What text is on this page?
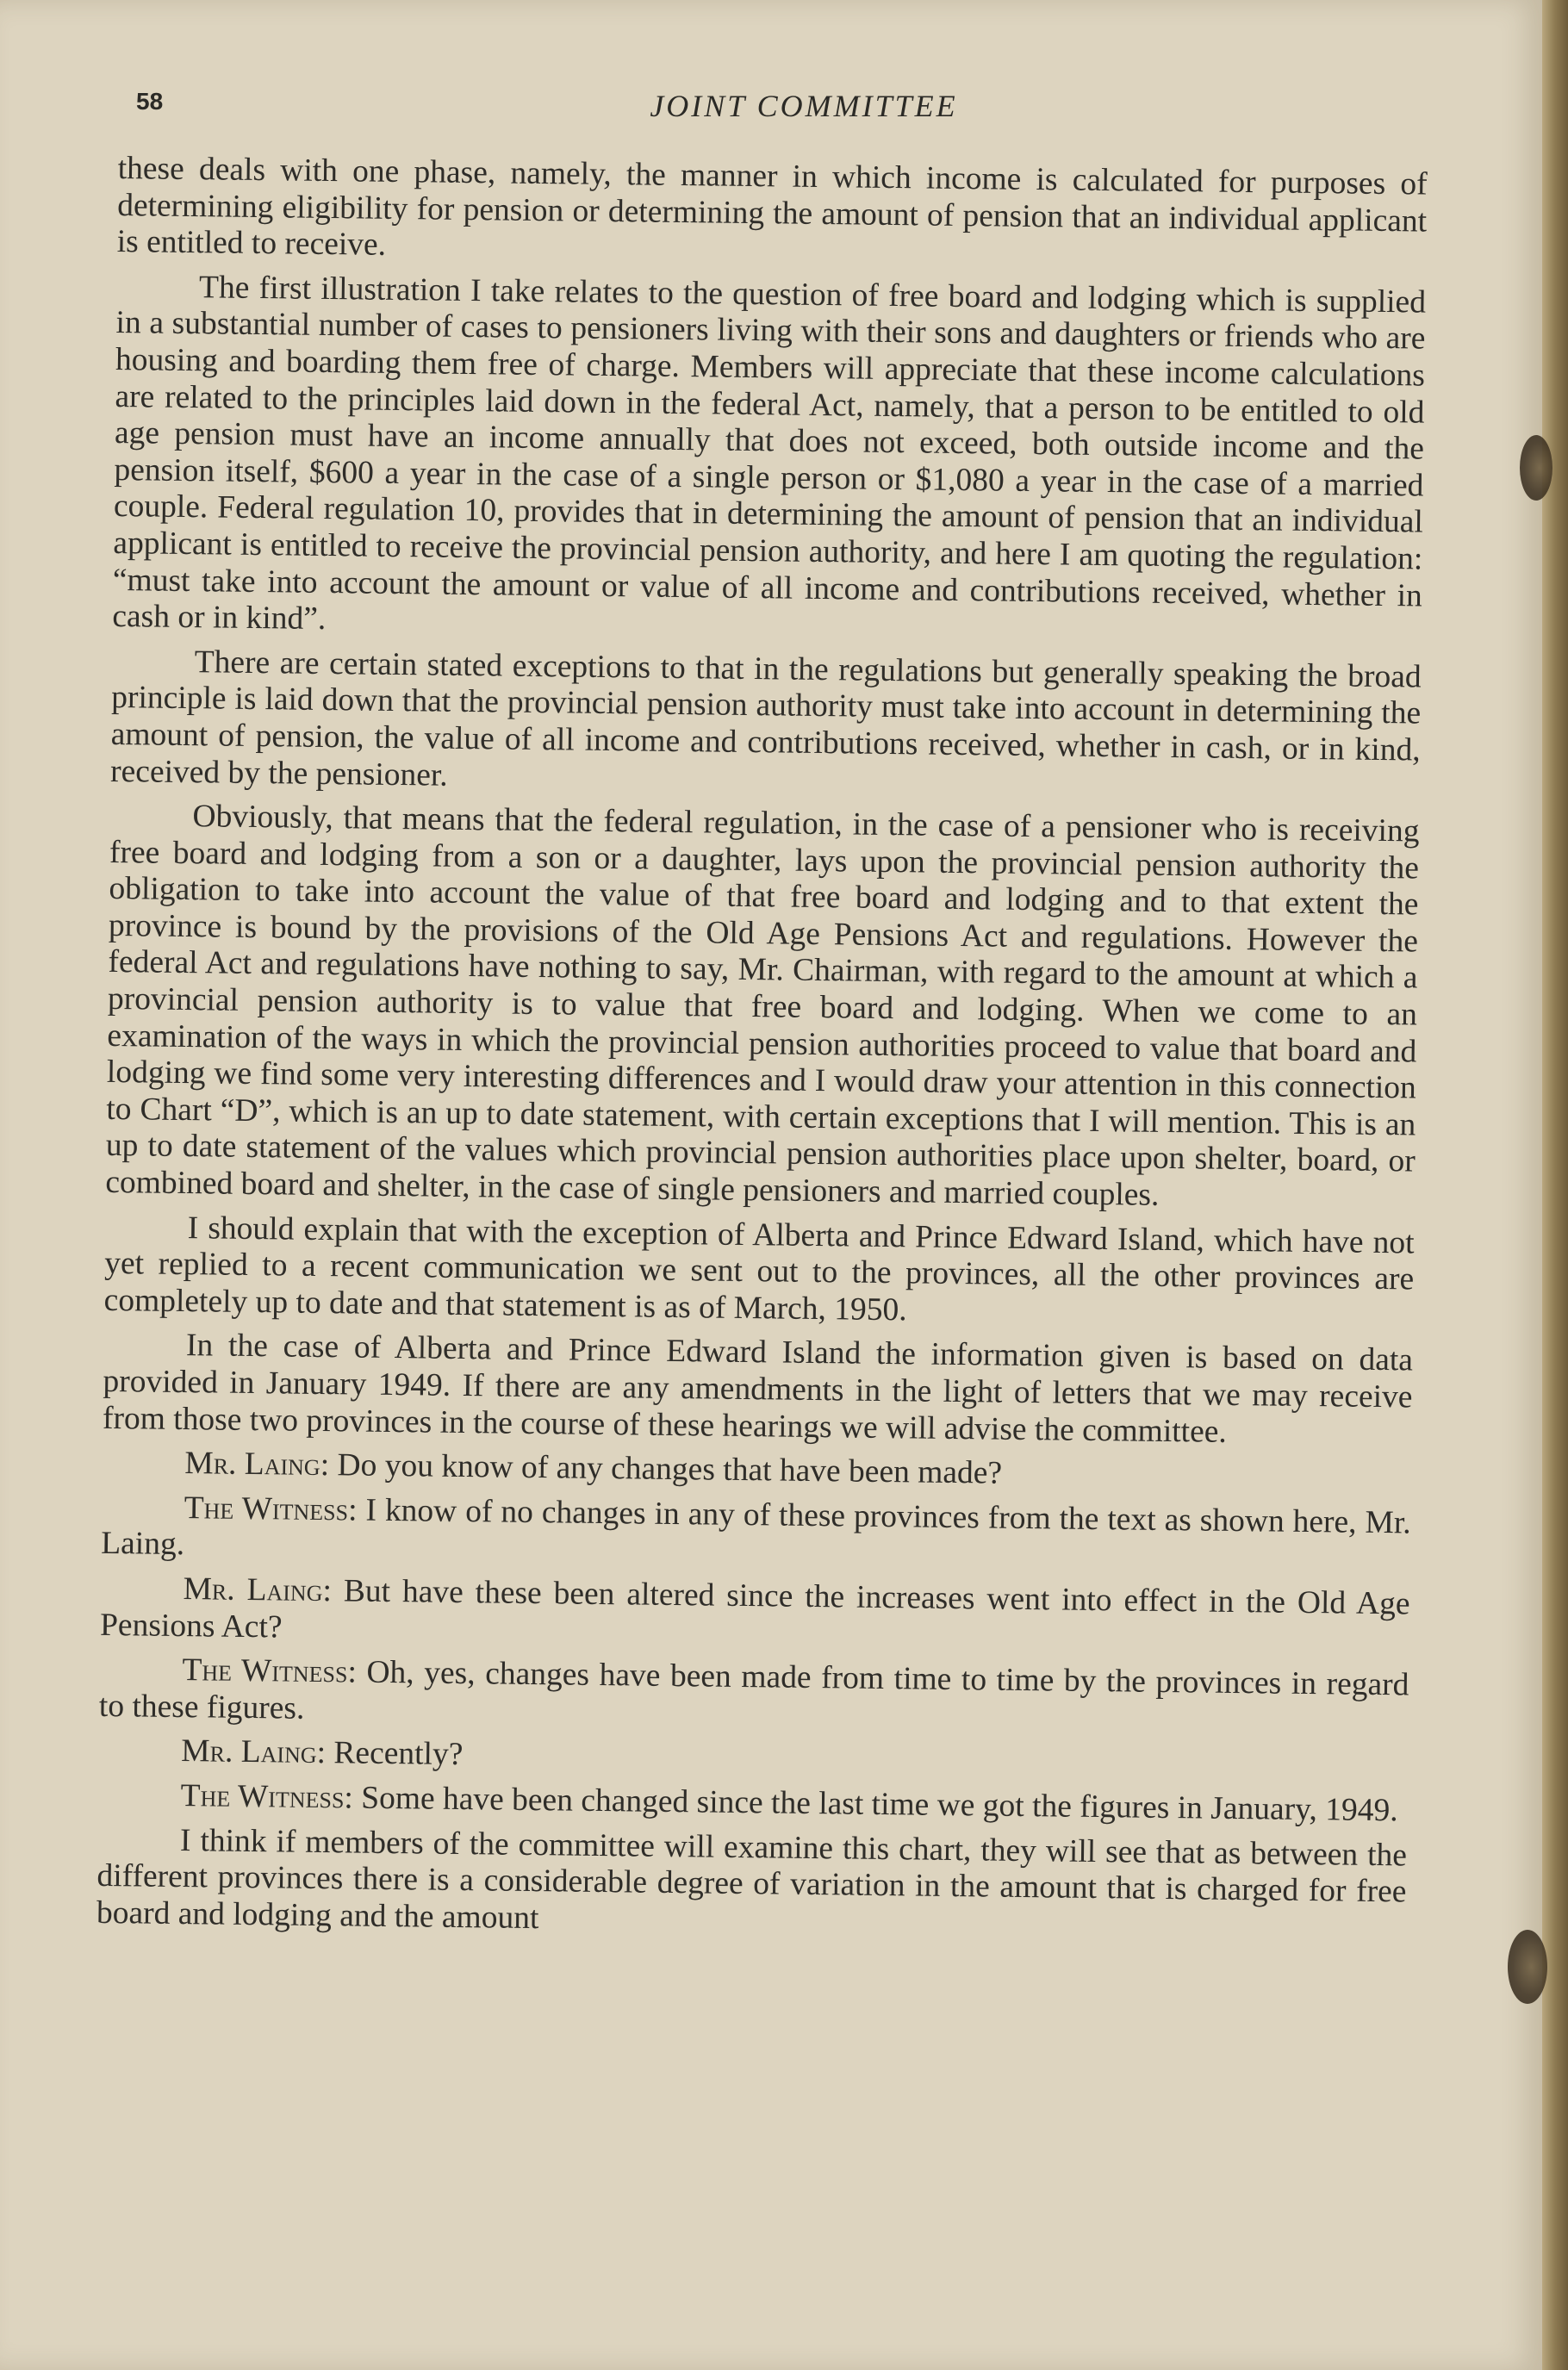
58	JOINT COMMITTEE

these deals with one phase, namely, the manner in which income is calculated for purposes of determining eligibility for pension or determining the amount of pension that an individual applicant is entitled to receive.

The first illustration I take relates to the question of free board and lodging which is supplied in a substantial number of cases to pensioners living with their sons and daughters or friends who are housing and boarding them free of charge. Members will appreciate that these income calculations are related to the principles laid down in the federal Act, namely, that a person to be entitled to old age pension must have an income annually that does not exceed, both outside income and the pension itself, $600 a year in the case of a single person or $1,080 a year in the case of a married couple. Federal regulation 10, provides that in determining the amount of pension that an individual applicant is entitled to receive the provincial pension authority, and here I am quoting the regulation: “must take into account the amount or value of all income and contributions received, whether in cash or in kind”.

There are certain stated exceptions to that in the regulations but generally speaking the broad principle is laid down that the provincial pension authority must take into account in determining the amount of pension, the value of all income and contributions received, whether in cash, or in kind, received by the pensioner.

Obviously, that means that the federal regulation, in the case of a pensioner who is receiving free board and lodging from a son or a daughter, lays upon the provincial pension authority the obligation to take into account the value of that free board and lodging and to that extent the province is bound by the provisions of the Old Age Pensions Act and regulations. However the federal Act and regulations have nothing to say, Mr. Chairman, with regard to the amount at which a provincial pension authority is to value that free board and lodging. When we come to an examination of the ways in which the provincial pension authorities proceed to value that board and lodging we find some very interesting differences and I would draw your attention in this connection to Chart “D”, which is an up to date statement, with certain exceptions that I will mention. This is an up to date statement of the values which provincial pension authorities place upon shelter, board, or combined board and shelter, in the case of single pensioners and married couples.

I should explain that with the exception of Alberta and Prince Edward Island, which have not yet replied to a recent communication we sent out to the provinces, all the other provinces are completely up to date and that statement is as of March, 1950.

In the case of Alberta and Prince Edward Island the information given is based on data provided in January 1949. If there are any amendments in the light of letters that we may receive from those two provinces in the course of these hearings we will advise the committee.

Mr. Laing: Do you know of any changes that have been made?

The Witness: I know of no changes in any of these provinces from the text as shown here, Mr. Laing.

Mr. Laing: But have these been altered since the increases went into effect in the Old Age Pensions Act?

The Witness: Oh, yes, changes have been made from time to time by the provinces in regard to these figures.

Mr. Laing: Recently?

The Witness: Some have been changed since the last time we got the figures in January, 1949.

I think if members of the committee will examine this chart, they will see that as between the different provinces there is a considerable degree of variation in the amount that is charged for free board and lodging and the amount
